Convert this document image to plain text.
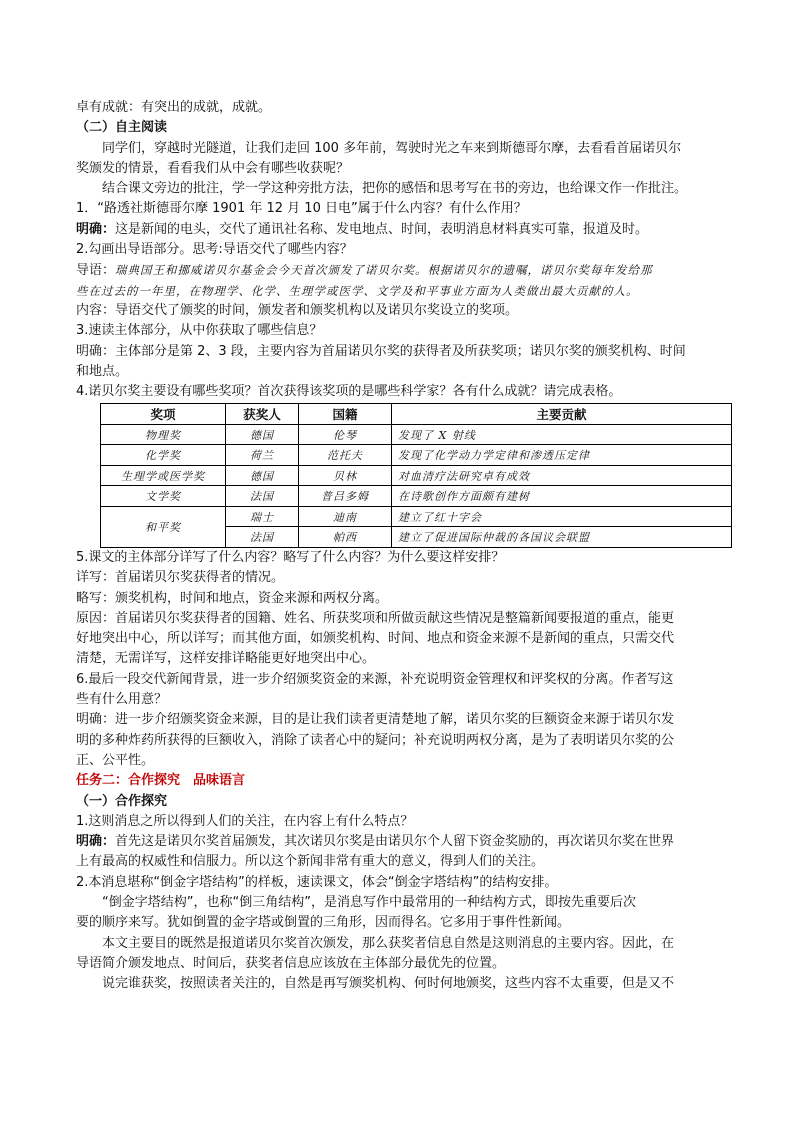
卓有成就：有突出的成就，成就。
（二）自主阅读
同学们，穿越时光隧道，让我们走回 100 多年前，驾驶时光之车来到斯德哥尔摩，去看看首届诺贝尔
奖颁发的情景，看看我们从中会有哪些收获呢？
结合课文旁边的批注，学一学这种旁批方法，把你的感悟和思考写在书的旁边，也给课文作一作批注。
1．“路透社斯德哥尔摩 1901 年 12 月 10 日电”属于什么内容？有什么作用？
明确：这是新闻的电头，交代了通讯社名称、发电地点、时间，表明消息材料真实可靠，报道及时。
2.勾画出导语部分。思考:导语交代了哪些内容？
导语：瑞典国王和挪威诺贝尔基金会今天首次颁发了诺贝尔奖。根据诺贝尔的遗嘱，诺贝尔奖每年发给那
些在过去的一年里，在物理学、化学、生理学或医学、文学及和平事业方面为人类做出最大贡献的人。
内容：导语交代了颁奖的时间，颁发者和颁奖机构以及诺贝尔奖设立的奖项。
3.速读主体部分，从中你获取了哪些信息？
明确：主体部分是第 2、3 段，主要内容为首届诺贝尔奖的获得者及所获奖项；诺贝尔奖的颁奖机构、时间
和地点。
4.诺贝尔奖主要设有哪些奖项？首次获得该奖项的是哪些科学家？各有什么成就？请完成表格。
奖项	获奖人	国籍	主要贡献
物理奖	德国	伦琴	发现了 X 射线
化学奖	荷兰	范托夫	发现了化学动力学定律和渗透压定律
生理学或医学奖	德国	贝林	对血清疗法研究卓有成效
文学奖	法国	普吕多姆	在诗歌创作方面颇有建树
和平奖	瑞士	迪南	建立了红十字会
	法国	帕西	建立了促进国际仲裁的各国议会联盟
5.课文的主体部分详写了什么内容？略写了什么内容？为什么要这样安排？
详写：首届诺贝尔奖获得者的情况。
略写：颁奖机构，时间和地点，资金来源和两权分离。
原因：首届诺贝尔奖获得者的国籍、姓名、所获奖项和所做贡献这些情况是整篇新闻要报道的重点，能更
好地突出中心，所以详写；而其他方面，如颁奖机构、时间、地点和资金来源不是新闻的重点，只需交代
清楚，无需详写，这样安排详略能更好地突出中心。
6.最后一段交代新闻背景，进一步介绍颁奖资金的来源，补充说明资金管理权和评奖权的分离。作者写这
些有什么用意？
明确：进一步介绍颁奖资金来源，目的是让我们读者更清楚地了解，诺贝尔奖的巨额资金来源于诺贝尔发
明的多种炸药所获得的巨额收入，消除了读者心中的疑问；补充说明两权分离，是为了表明诺贝尔奖的公
正、公平性。
任务二：合作探究　品味语言
（一）合作探究
1.这则消息之所以得到人们的关注，在内容上有什么特点？
明确：首先这是诺贝尔奖首届颁发，其次诺贝尔奖是由诺贝尔个人留下资金奖励的，再次诺贝尔奖在世界
上有最高的权威性和信服力。所以这个新闻非常有重大的意义，得到人们的关注。
2.本消息堪称“倒金字塔结构”的样板，速读课文，体会“倒金字塔结构”的结构安排。
“倒金字塔结构”，也称“倒三角结构”，是消息写作中最常用的一种结构方式，即按先重要后次
要的顺序来写。犹如倒置的金字塔或倒置的三角形，因而得名。它多用于事件性新闻。
本文主要目的既然是报道诺贝尔奖首次颁发，那么获奖者信息自然是这则消息的主要内容。因此，在
导语简介颁发地点、时间后，获奖者信息应该放在主体部分最优先的位置。
说完谁获奖，按照读者关注的，自然是再写颁奖机构、何时何地颁奖，这些内容不太重要，但是又不
